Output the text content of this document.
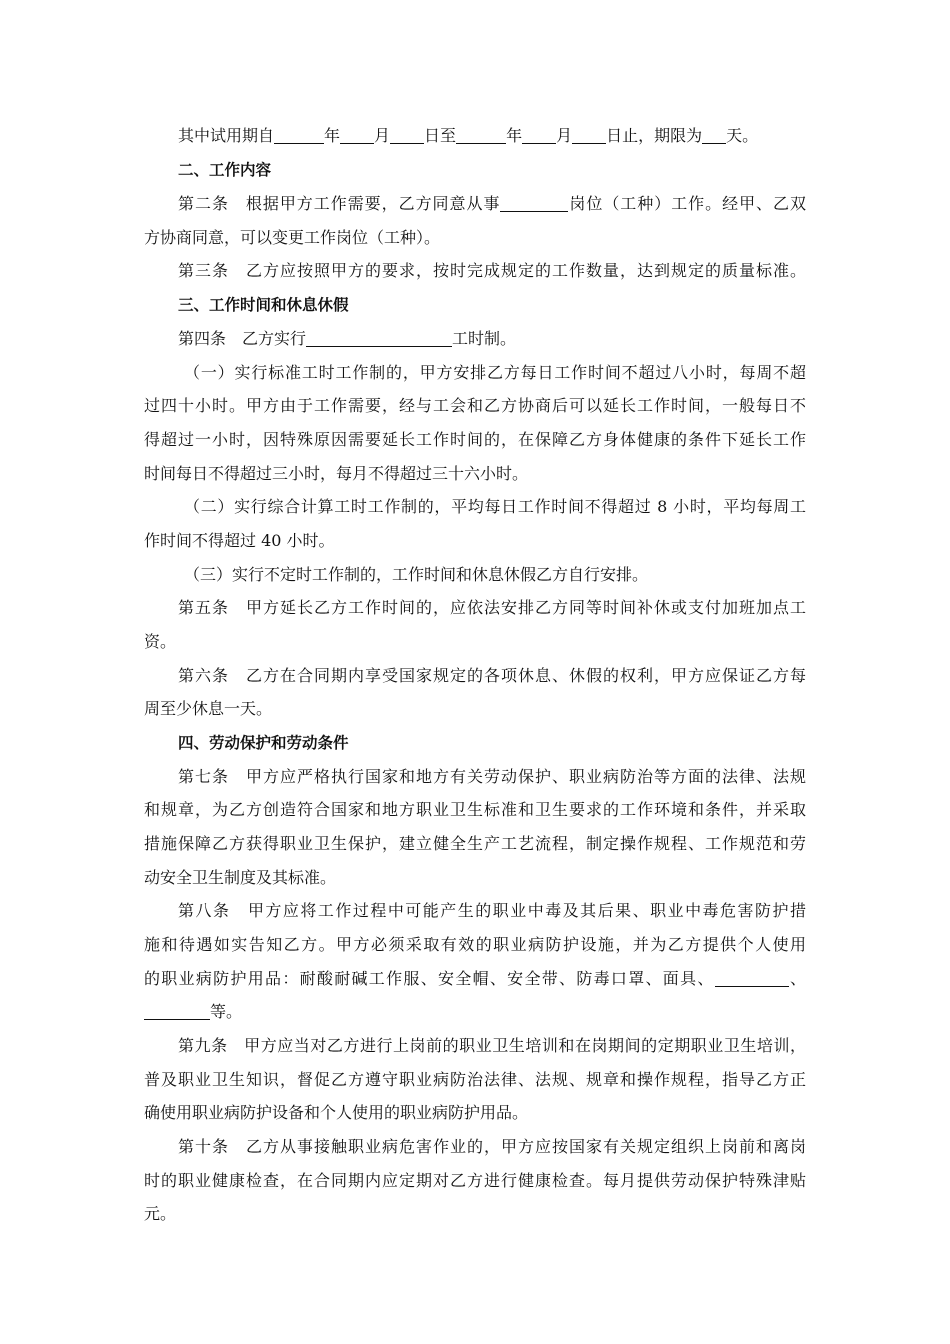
其中试用期自	年 月 日至	年 月 日止，期限为 天。
二、工作内容
第二条　根据甲方工作需要，乙方同意从事	岗位（工种）工作。经甲、乙双
方协商同意，可以变更工作岗位（工种）。
第三条　乙方应按照甲方的要求，按时完成规定的工作数量，达到规定的质量标准。
三、工作时间和休息休假
第四条　乙方实行	工时制。
（一）实行标准工时工作制的，甲方安排乙方每日工作时间不超过八小时，每周不超
过四十小时。甲方由于工作需要，经与工会和乙方协商后可以延长工作时间，一般每日不
得超过一小时，因特殊原因需要延长工作时间的，在保障乙方身体健康的条件下延长工作
时间每日不得超过三小时，每月不得超过三十六小时。
（二）实行综合计算工时工作制的，平均每日工作时间不得超过 8 小时，平均每周工
作时间不得超过 40 小时。
（三）实行不定时工作制的，工作时间和休息休假乙方自行安排。
第五条　甲方延长乙方工作时间的，应依法安排乙方同等时间补休或支付加班加点工
资。
第六条　乙方在合同期内享受国家规定的各项休息、休假的权利，甲方应保证乙方每
周至少休息一天。
四、劳动保护和劳动条件
第七条　甲方应严格执行国家和地方有关劳动保护、职业病防治等方面的法律、法规
和规章，为乙方创造符合国家和地方职业卫生标准和卫生要求的工作环境和条件，并采取
措施保障乙方获得职业卫生保护，建立健全生产工艺流程，制定操作规程、工作规范和劳
动安全卫生制度及其标准。
第八条　甲方应将工作过程中可能产生的职业中毒及其后果、职业中毒危害防护措
施和待遇如实告知乙方。甲方必须采取有效的职业病防护设施，并为乙方提供个人使用
的职业病防护用品：耐酸耐碱工作服、安全帽、安全带、防毒口罩、面具、	、
等。
第九条　甲方应当对乙方进行上岗前的职业卫生培训和在岗期间的定期职业卫生培训，
普及职业卫生知识，督促乙方遵守职业病防治法律、法规、规章和操作规程，指导乙方正
确使用职业病防护设备和个人使用的职业病防护用品。
第十条　乙方从事接触职业病危害作业的，甲方应按国家有关规定组织上岗前和离岗
时的职业健康检查，在合同期内应定期对乙方进行健康检查。每月提供劳动保护特殊津贴
元。
